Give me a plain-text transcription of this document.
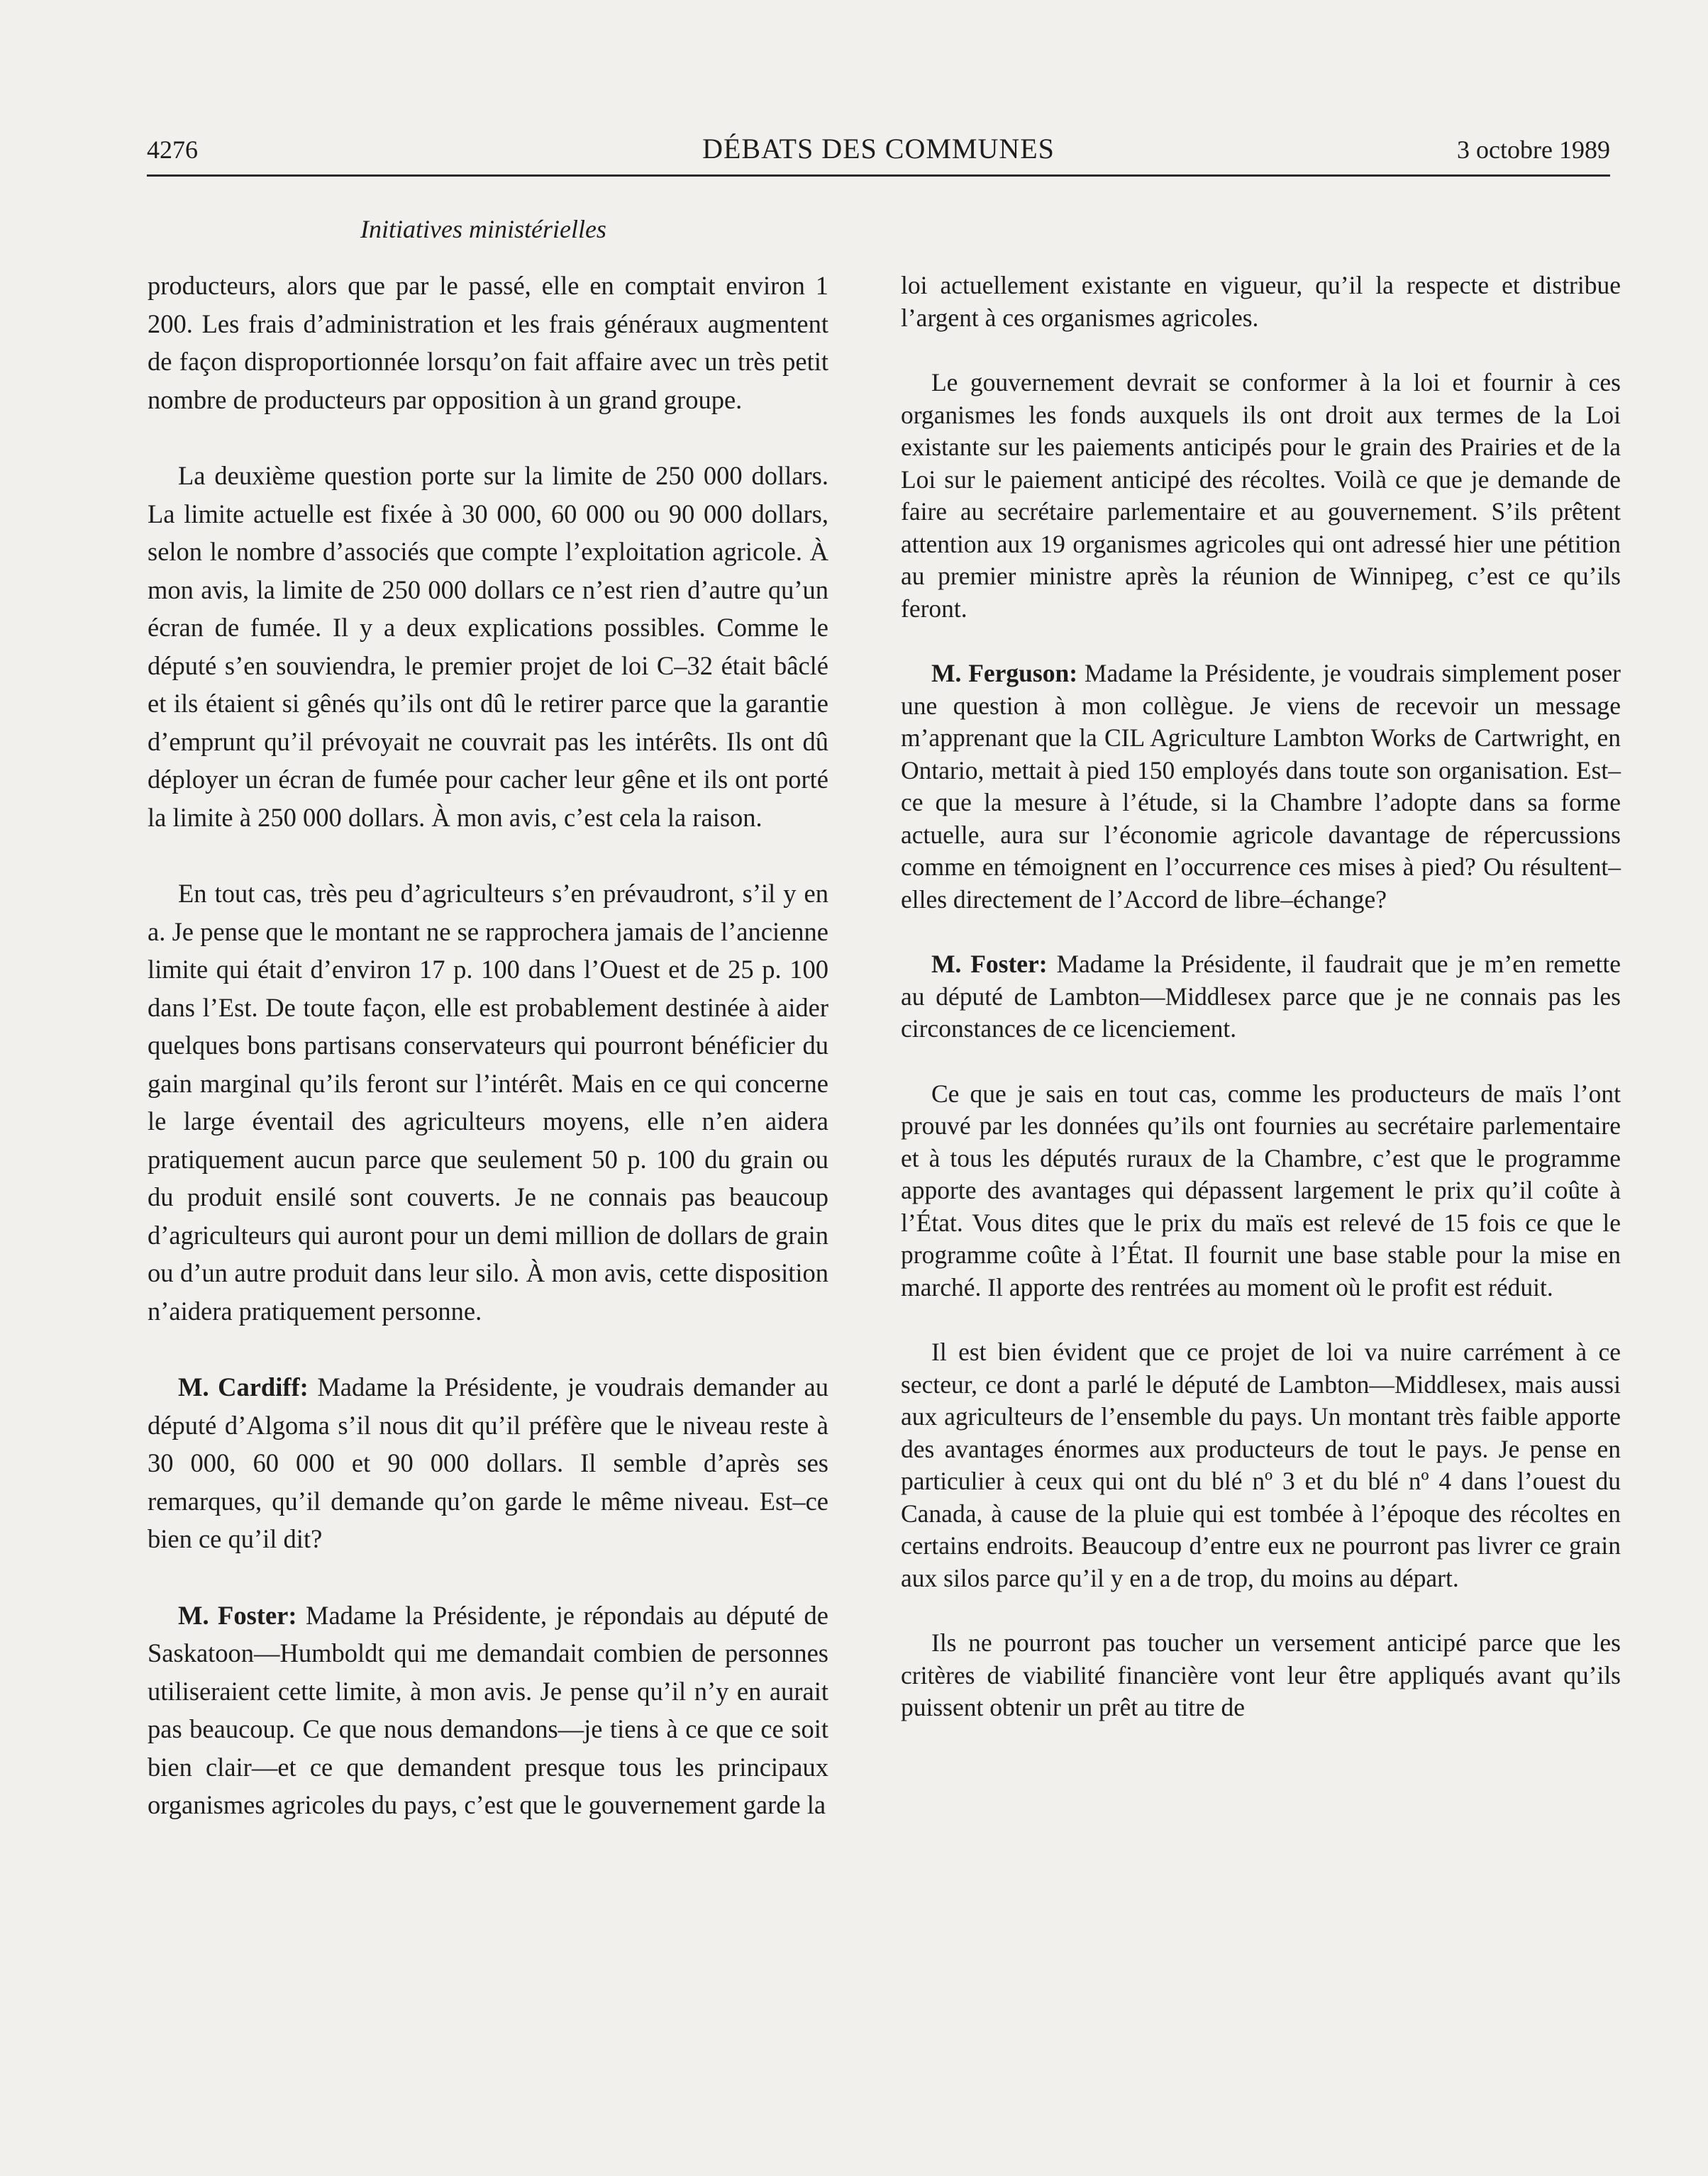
4276	DÉBATS DES COMMUNES	3 octobre 1989
Initiatives ministérielles

producteurs, alors que par le passé, elle en comptait environ 1 200. Les frais d’administration et les frais généraux augmentent de façon disproportionnée lorsqu’on fait affaire avec un très petit nombre de producteurs par opposition à un grand groupe.

La deuxième question porte sur la limite de 250 000 dollars. La limite actuelle est fixée à 30 000, 60 000 ou 90 000 dollars, selon le nombre d’associés que compte l’exploitation agricole. À mon avis, la limite de 250 000 dollars ce n’est rien d’autre qu’un écran de fumée. Il y a deux explications possibles. Comme le député s’en souviendra, le premier projet de loi C–32 était bâclé et ils étaient si gênés qu’ils ont dû le retirer parce que la garantie d’emprunt qu’il prévoyait ne couvrait pas les intérêts. Ils ont dû déployer un écran de fumée pour cacher leur gêne et ils ont porté la limite à 250 000 dollars. À mon avis, c’est cela la raison.

En tout cas, très peu d’agriculteurs s’en prévaudront, s’il y en a. Je pense que le montant ne se rapprochera jamais de l’ancienne limite qui était d’environ 17 p. 100 dans l’Ouest et de 25 p. 100 dans l’Est. De toute façon, elle est probablement destinée à aider quelques bons partisans conservateurs qui pourront bénéficier du gain marginal qu’ils feront sur l’intérêt. Mais en ce qui concerne le large éventail des agriculteurs moyens, elle n’en aidera pratiquement aucun parce que seulement 50 p. 100 du grain ou du produit ensilé sont couverts. Je ne connais pas beaucoup d’agriculteurs qui auront pour un demi million de dollars de grain ou d’un autre produit dans leur silo. À mon avis, cette disposition n’aidera pratiquement personne.

M. Cardiff: Madame la Présidente, je voudrais demander au député d’Algoma s’il nous dit qu’il préfère que le niveau reste à 30 000, 60 000 et 90 000 dollars. Il semble d’après ses remarques, qu’il demande qu’on garde le même niveau. Est–ce bien ce qu’il dit?

M. Foster: Madame la Présidente, je répondais au député de Saskatoon—Humboldt qui me demandait combien de personnes utiliseraient cette limite, à mon avis. Je pense qu’il n’y en aurait pas beaucoup. Ce que nous demandons—je tiens à ce que ce soit bien clair—et ce que demandent presque tous les principaux organismes agricoles du pays, c’est que le gouvernement garde la

loi actuellement existante en vigueur, qu’il la respecte et distribue l’argent à ces organismes agricoles.

Le gouvernement devrait se conformer à la loi et fournir à ces organismes les fonds auxquels ils ont droit aux termes de la Loi existante sur les paiements anticipés pour le grain des Prairies et de la Loi sur le paiement anticipé des récoltes. Voilà ce que je demande de faire au secrétaire parlementaire et au gouvernement. S’ils prêtent attention aux 19 organismes agricoles qui ont adressé hier une pétition au premier ministre après la réunion de Winnipeg, c’est ce qu’ils feront.

M. Ferguson: Madame la Présidente, je voudrais simplement poser une question à mon collègue. Je viens de recevoir un message m’apprenant que la CIL Agriculture Lambton Works de Cartwright, en Ontario, mettait à pied 150 employés dans toute son organisation. Est–ce que la mesure à l’étude, si la Chambre l’adopte dans sa forme actuelle, aura sur l’économie agricole davantage de répercussions comme en témoignent en l’occurrence ces mises à pied? Ou résultent–elles directement de l’Accord de libre–échange?

M. Foster: Madame la Présidente, il faudrait que je m’en remette au député de Lambton—Middlesex parce que je ne connais pas les circonstances de ce licenciement.

Ce que je sais en tout cas, comme les producteurs de maïs l’ont prouvé par les données qu’ils ont fournies au secrétaire parlementaire et à tous les députés ruraux de la Chambre, c’est que le programme apporte des avantages qui dépassent largement le prix qu’il coûte à l’État. Vous dites que le prix du maïs est relevé de 15 fois ce que le programme coûte à l’État. Il fournit une base stable pour la mise en marché. Il apporte des rentrées au moment où le profit est réduit.

Il est bien évident que ce projet de loi va nuire carrément à ce secteur, ce dont a parlé le député de Lambton—Middlesex, mais aussi aux agriculteurs de l’ensemble du pays. Un montant très faible apporte des avantages énormes aux producteurs de tout le pays. Je pense en particulier à ceux qui ont du blé nº 3 et du blé nº 4 dans l’ouest du Canada, à cause de la pluie qui est tombée à l’époque des récoltes en certains endroits. Beaucoup d’entre eux ne pourront pas livrer ce grain aux silos parce qu’il y en a de trop, du moins au départ.

Ils ne pourront pas toucher un versement anticipé parce que les critères de viabilité financière vont leur être appliqués avant qu’ils puissent obtenir un prêt au titre de
